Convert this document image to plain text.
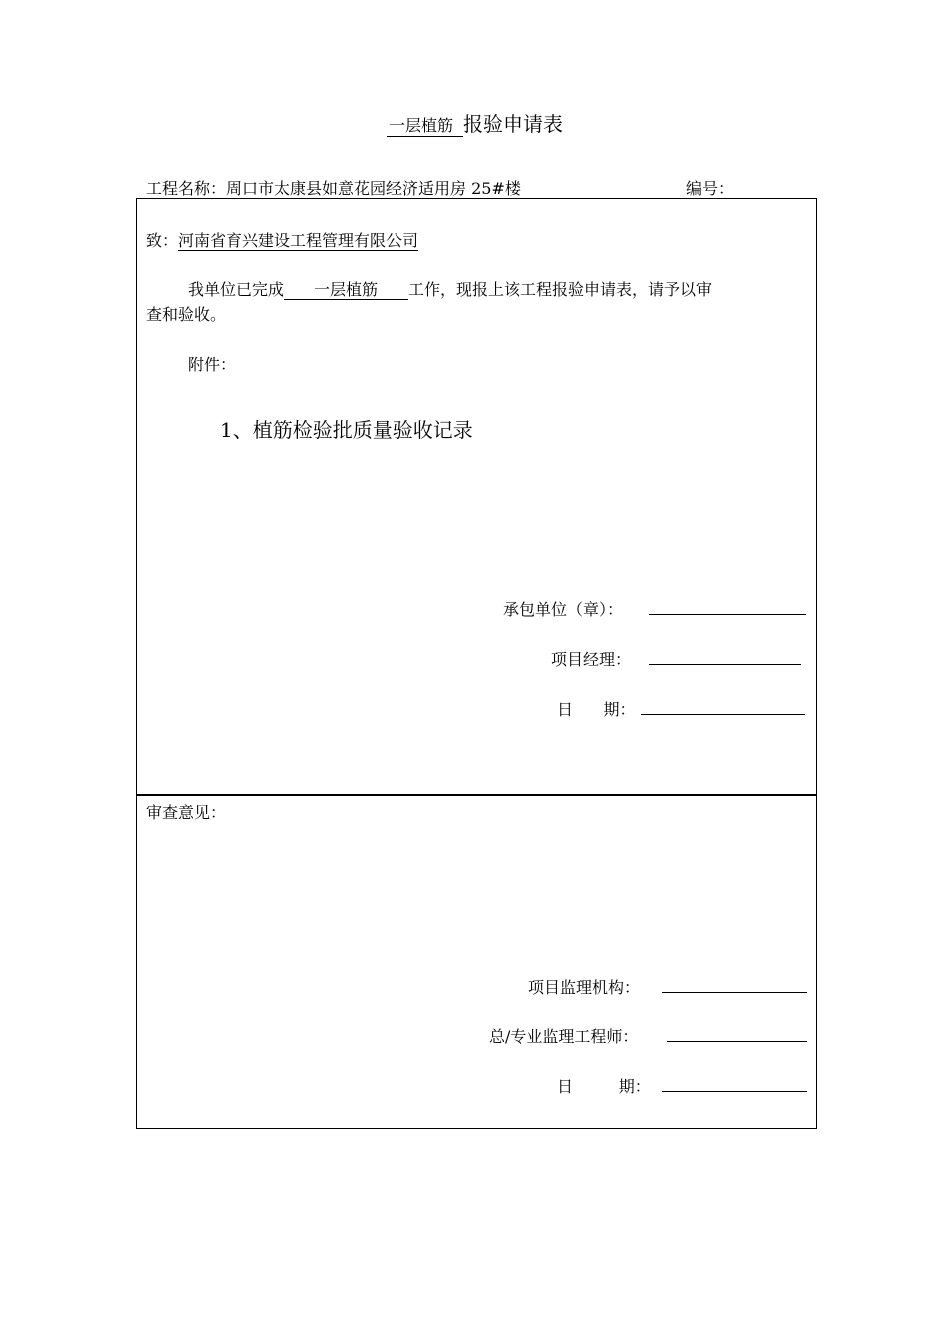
一层植筋 报验申请表
工程名称：周口市太康县如意花园经济适用房 25#楼	编号：
致：河南省育兴建设工程管理有限公司
我单位已完成 一层植筋 工作，现报上该工程报验申请表，请予以审
查和验收。
附件：
1、植筋检验批质量验收记录
承包单位（章）：
项目经理：
日      期：
审查意见：
项目监理机构：
总/专业监理工程师：
日         期：
